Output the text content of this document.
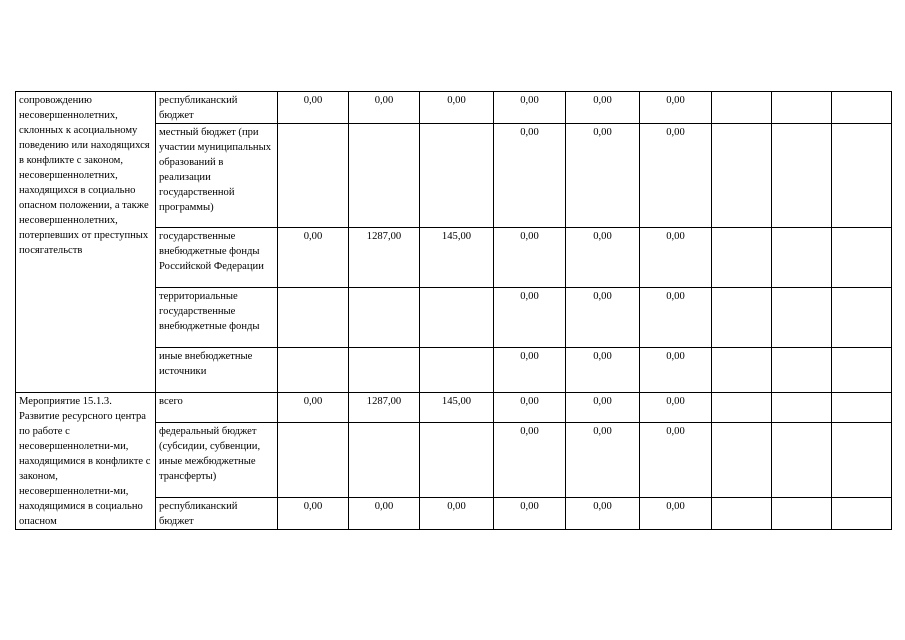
сопровождению несовершеннолетних, склонных к асоциальному поведению или находящихся в конфликте с законом, несовершеннолетних, находящихся в социально опасном положении, а также несовершеннолетних, потерпевших от преступных посягательств	республиканский бюджет	0,00	0,00	0,00	0,00	0,00	0,00			
	местный бюджет (при участии муниципальных образований в реализации государственной программы)				0,00	0,00	0,00			
	государственные внебюджетные фонды Российской Федерации	0,00	1287,00	145,00	0,00	0,00	0,00			
	территориальные государственные внебюджетные фонды				0,00	0,00	0,00			
	иные внебюджетные источники				0,00	0,00	0,00			
Мероприятие 15.1.3. Развитие ресурсного центра по работе с несовершеннолетни-ми, находящимися в конфликте с законом, несовершеннолетни-ми, находящимися в социально опасном	всего	0,00	1287,00	145,00	0,00	0,00	0,00			
	федеральный бюджет (субсидии, субвенции, иные межбюджетные трансферты)				0,00	0,00	0,00			
	республиканский бюджет	0,00	0,00	0,00	0,00	0,00	0,00			
